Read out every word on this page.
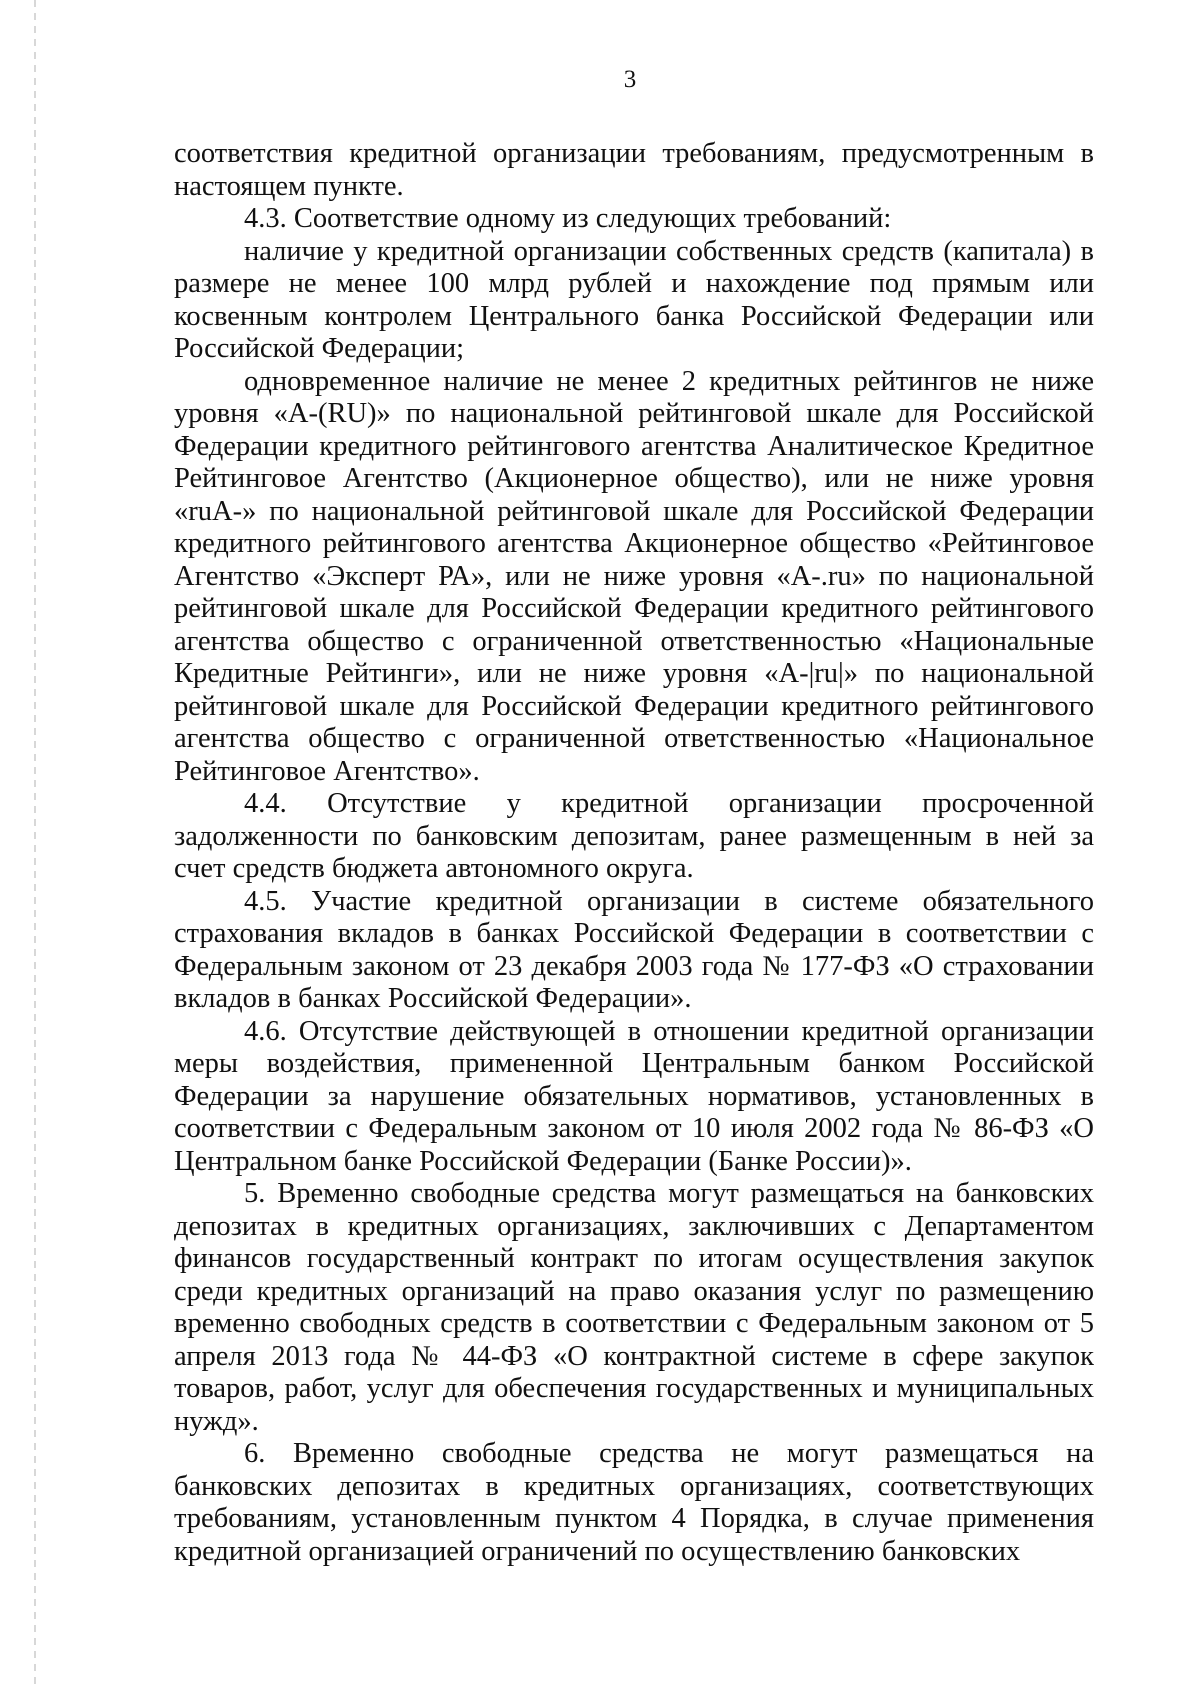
3

соответствия кредитной организации требованиям, предусмотренным в настоящем пункте.

4.3. Соответствие одному из следующих требований:

наличие у кредитной организации собственных средств (капитала) в размере не менее 100 млрд рублей и нахождение под прямым или косвенным контролем Центрального банка Российской Федерации или Российской Федерации;

одновременное наличие не менее 2 кредитных рейтингов не ниже уровня «A-(RU)» по национальной рейтинговой шкале для Российской Федерации кредитного рейтингового агентства Аналитическое Кредитное Рейтинговое Агентство (Акционерное общество), или не ниже уровня «ruA-» по национальной рейтинговой шкале для Российской Федерации кредитного рейтингового агентства Акционерное общество «Рейтинговое Агентство «Эксперт РА», или не ниже уровня «A-.ru» по национальной рейтинговой шкале для Российской Федерации кредитного рейтингового агентства общество с ограниченной ответственностью «Национальные Кредитные Рейтинги», или не ниже уровня «A-|ru|» по национальной рейтинговой шкале для Российской Федерации кредитного рейтингового агентства общество с ограниченной ответственностью «Национальное Рейтинговое Агентство».

4.4. Отсутствие у кредитной организации просроченной задолженности по банковским депозитам, ранее размещенным в ней за счет средств бюджета автономного округа.

4.5. Участие кредитной организации в системе обязательного страхования вкладов в банках Российской Федерации в соответствии с Федеральным законом от 23 декабря 2003 года № 177-ФЗ «О страховании вкладов в банках Российской Федерации».

4.6. Отсутствие действующей в отношении кредитной организации меры воздействия, примененной Центральным банком Российской Федерации за нарушение обязательных нормативов, установленных в соответствии с Федеральным законом от 10 июля 2002 года № 86-ФЗ «О Центральном банке Российской Федерации (Банке России)».

5. Временно свободные средства могут размещаться на банковских депозитах в кредитных организациях, заключивших с Департаментом финансов государственный контракт по итогам осуществления закупок среди кредитных организаций на право оказания услуг по размещению временно свободных средств в соответствии с Федеральным законом от 5 апреля 2013 года № 44-ФЗ «О контрактной системе в сфере закупок товаров, работ, услуг для обеспечения государственных и муниципальных нужд».

6. Временно свободные средства не могут размещаться на банковских депозитах в кредитных организациях, соответствующих требованиям, установленным пунктом 4 Порядка, в случае применения кредитной организацией ограничений по осуществлению банковских
